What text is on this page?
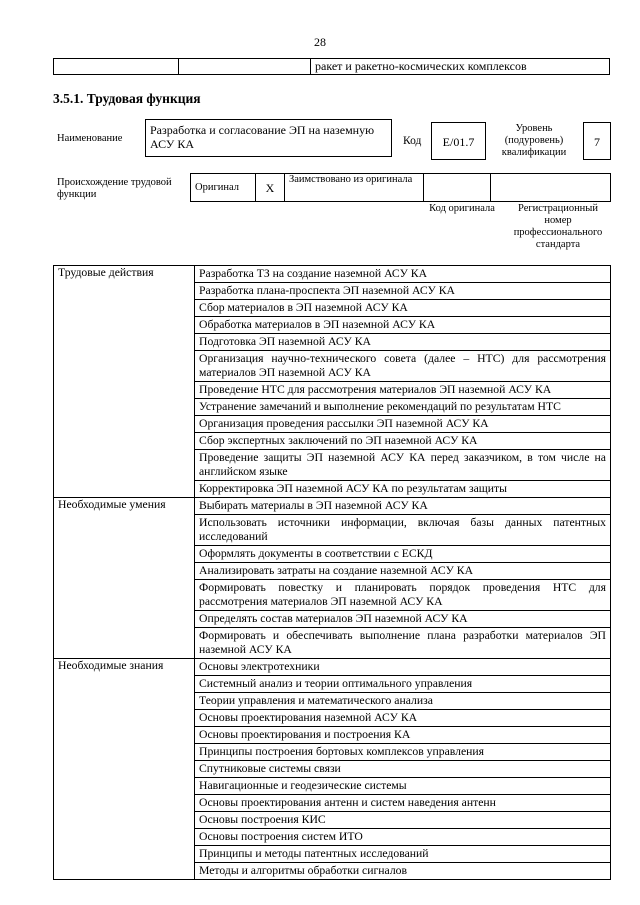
28
		ракет и ракетно-космических комплексов
3.5.1. Трудовая функция
Наименование
Разработка и согласование ЭП на наземную АСУ КА	Код	E/01.7
Уровень (подуровень) квалификации
7
Происхождение трудовой функции
Оригинал	X	Заимствовано из оригинала		
Код оригинала	Регистрационный номер профессионального стандарта
Трудовые действия	Разработка ТЗ на создание наземной АСУ КА
	Разработка плана-проспекта ЭП наземной АСУ КА
	Сбор материалов в ЭП наземной АСУ КА
	Обработка материалов в ЭП наземной АСУ КА
	Подготовка ЭП наземной АСУ КА
	Организация научно-технического совета (далее – НТС) для рассмотрения материалов ЭП наземной АСУ КА
	Проведение НТС для рассмотрения материалов ЭП наземной АСУ КА
	Устранение замечаний и выполнение рекомендаций по результатам НТС
	Организация проведения рассылки ЭП наземной АСУ КА
	Сбор экспертных заключений по ЭП наземной АСУ КА
	Проведение защиты ЭП наземной АСУ КА перед заказчиком, в том числе на английском языке
	Корректировка ЭП наземной АСУ КА по результатам защиты
Необходимые умения	Выбирать материалы в ЭП наземной АСУ КА
	Использовать источники информации, включая базы данных патентных исследований
	Оформлять документы в соответствии с ЕСКД
	Анализировать затраты на создание наземной АСУ КА
	Формировать повестку и планировать порядок проведения НТС для рассмотрения материалов ЭП наземной АСУ КА
	Определять состав материалов ЭП наземной АСУ КА
	Формировать и обеспечивать выполнение плана разработки материалов ЭП наземной АСУ КА
Необходимые знания	Основы электротехники
	Системный анализ и теории оптимального управления
	Теории управления и математического анализа
	Основы проектирования наземной АСУ КА
	Основы проектирования и построения КА
	Принципы построения бортовых комплексов управления
	Спутниковые системы связи
	Навигационные и геодезические системы
	Основы проектирования антенн и систем наведения антенн
	Основы построения КИС
	Основы построения систем ИТО
	Принципы и методы патентных исследований
	Методы и алгоритмы обработки сигналов
